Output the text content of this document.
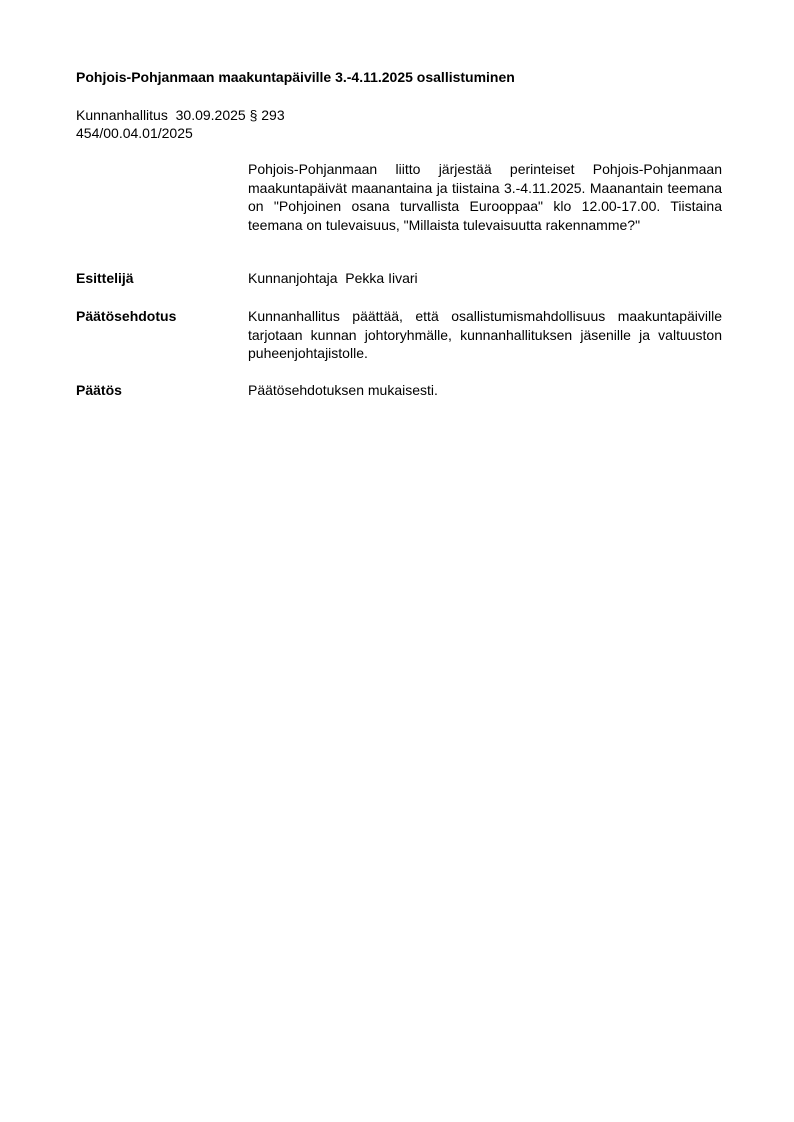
Pohjois-Pohjanmaan maakuntapäiville 3.-4.11.2025 osallistuminen
Kunnanhallitus  30.09.2025 § 293
454/00.04.01/2025
Pohjois-Pohjanmaan liitto järjestää perinteiset Pohjois-Pohjanmaan maakuntapäivät maanantaina ja tiistaina 3.-4.11.2025. Maanantain teemana on "Pohjoinen osana turvallista Eurooppaa" klo 12.00-17.00. Tiistaina teemana on tulevaisuus, "Millaista tulevaisuutta rakennamme?"
Esittelijä	Kunnanjohtaja  Pekka Iivari
Päätösehdotus	Kunnanhallitus päättää, että osallistumismahdollisuus maakuntapäiville tarjotaan kunnan johtoryhmälle, kunnanhallituksen jäsenille ja valtuuston puheenjohtajistolle.
Päätös	Päätösehdotuksen mukaisesti.
